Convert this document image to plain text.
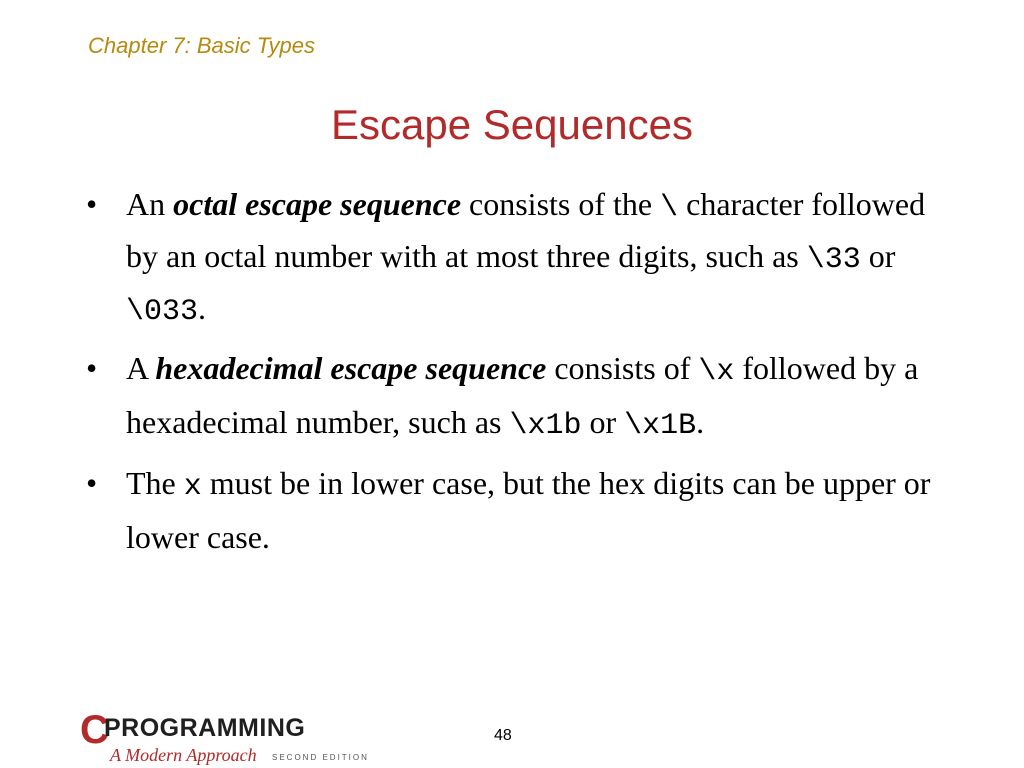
Chapter 7: Basic Types
Escape Sequences
• An octal escape sequence consists of the \ character followed by an octal number with at most three digits, such as \33 or \033.
• A hexadecimal escape sequence consists of \x followed by a hexadecimal number, such as \x1b or \x1B.
• The x must be in lower case, but the hex digits can be upper or lower case.
C
PROGRAMMING
A Modern Approach SECOND EDITION
48
